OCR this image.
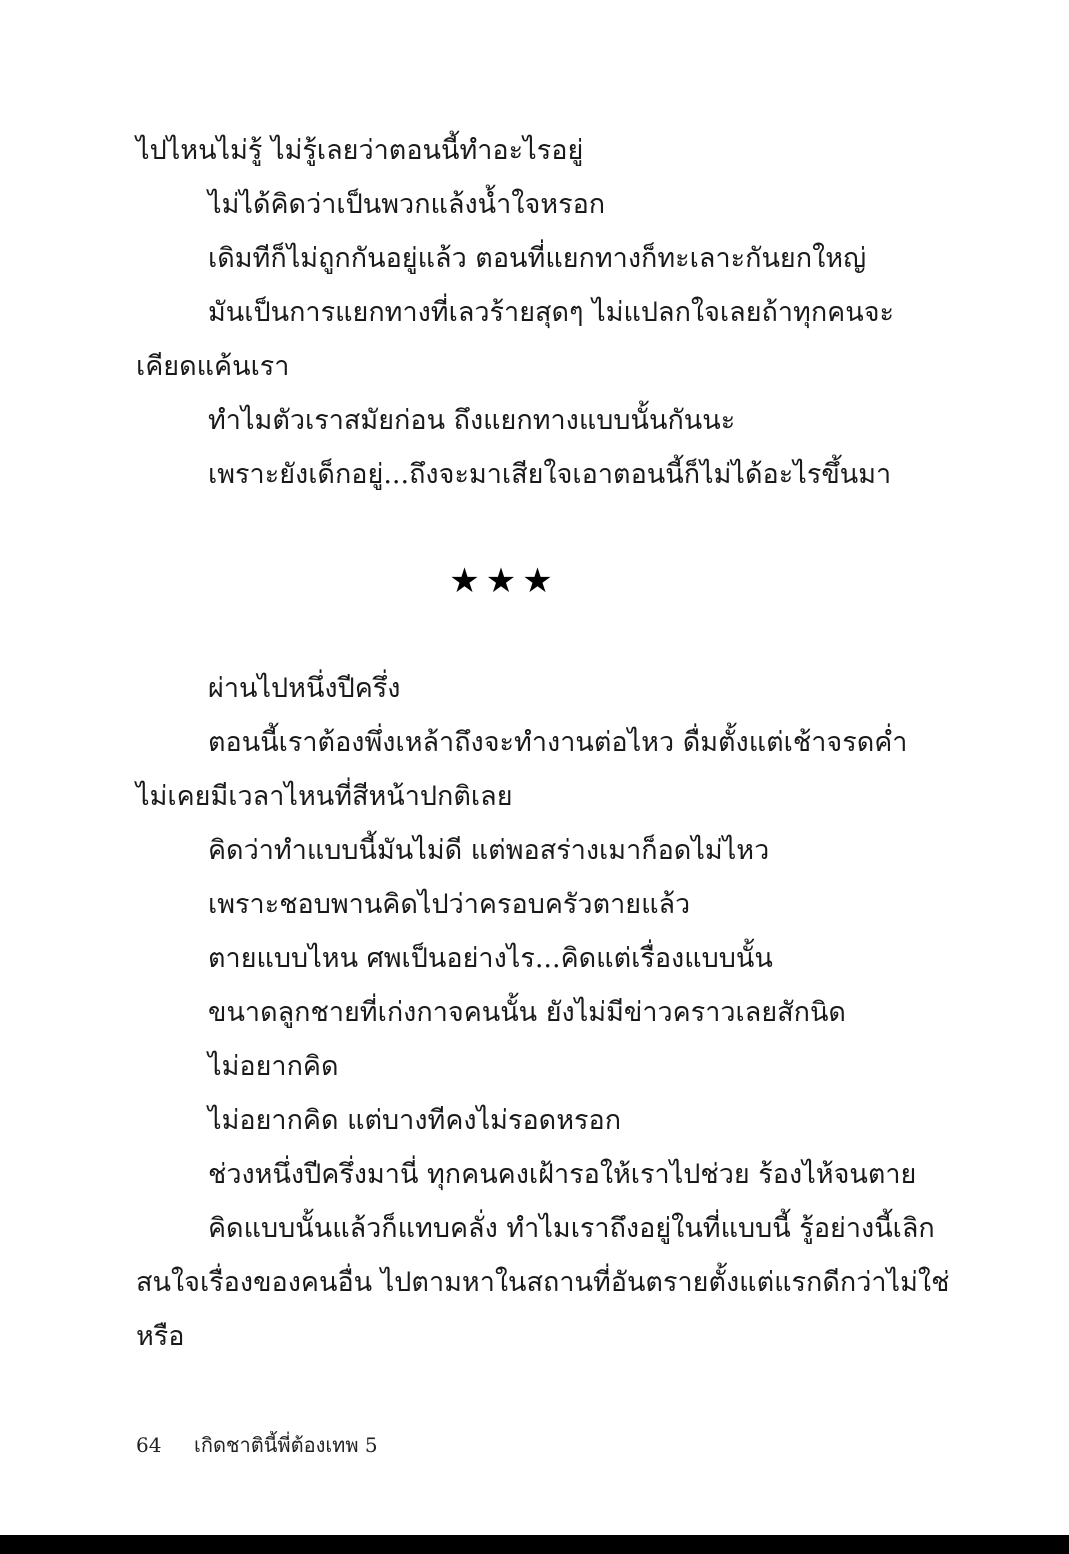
ไปไหนไม่รู้ ไม่รู้เลยว่าตอนนี้ทำอะไรอยู่
ไม่ได้คิดว่าเป็นพวกแล้งน้ำใจหรอก
เดิมทีก็ไม่ถูกกันอยู่แล้ว ตอนที่แยกทางก็ทะเลาะกันยกใหญ่
มันเป็นการแยกทางที่เลวร้ายสุดๆ ไม่แปลกใจเลยถ้าทุกคนจะ
เคียดแค้นเรา
ทำไมตัวเราสมัยก่อน ถึงแยกทางแบบนั้นกันนะ
เพราะยังเด็กอยู่...ถึงจะมาเสียใจเอาตอนนี้ก็ไม่ได้อะไรขึ้นมา
★★★
ผ่านไปหนึ่งปีครึ่ง
ตอนนี้เราต้องพึ่งเหล้าถึงจะทำงานต่อไหว ดื่มตั้งแต่เช้าจรดค่ำ
ไม่เคยมีเวลาไหนที่สีหน้าปกติเลย
คิดว่าทำแบบนี้มันไม่ดี แต่พอสร่างเมาก็อดไม่ไหว
เพราะชอบพานคิดไปว่าครอบครัวตายแล้ว
ตายแบบไหน ศพเป็นอย่างไร...คิดแต่เรื่องแบบนั้น
ขนาดลูกชายที่เก่งกาจคนนั้น ยังไม่มีข่าวคราวเลยสักนิด
ไม่อยากคิด
ไม่อยากคิด แต่บางทีคงไม่รอดหรอก
ช่วงหนึ่งปีครึ่งมานี่ ทุกคนคงเฝ้ารอให้เราไปช่วย ร้องไห้จนตาย
คิดแบบนั้นแล้วก็แทบคลั่ง ทำไมเราถึงอยู่ในที่แบบนี้ รู้อย่างนี้เลิก
สนใจเรื่องของคนอื่น ไปตามหาในสถานที่อันตรายตั้งแต่แรกดีกว่าไม่ใช่
หรือ
64 เกิดชาตินี้พี่ต้องเทพ 5
